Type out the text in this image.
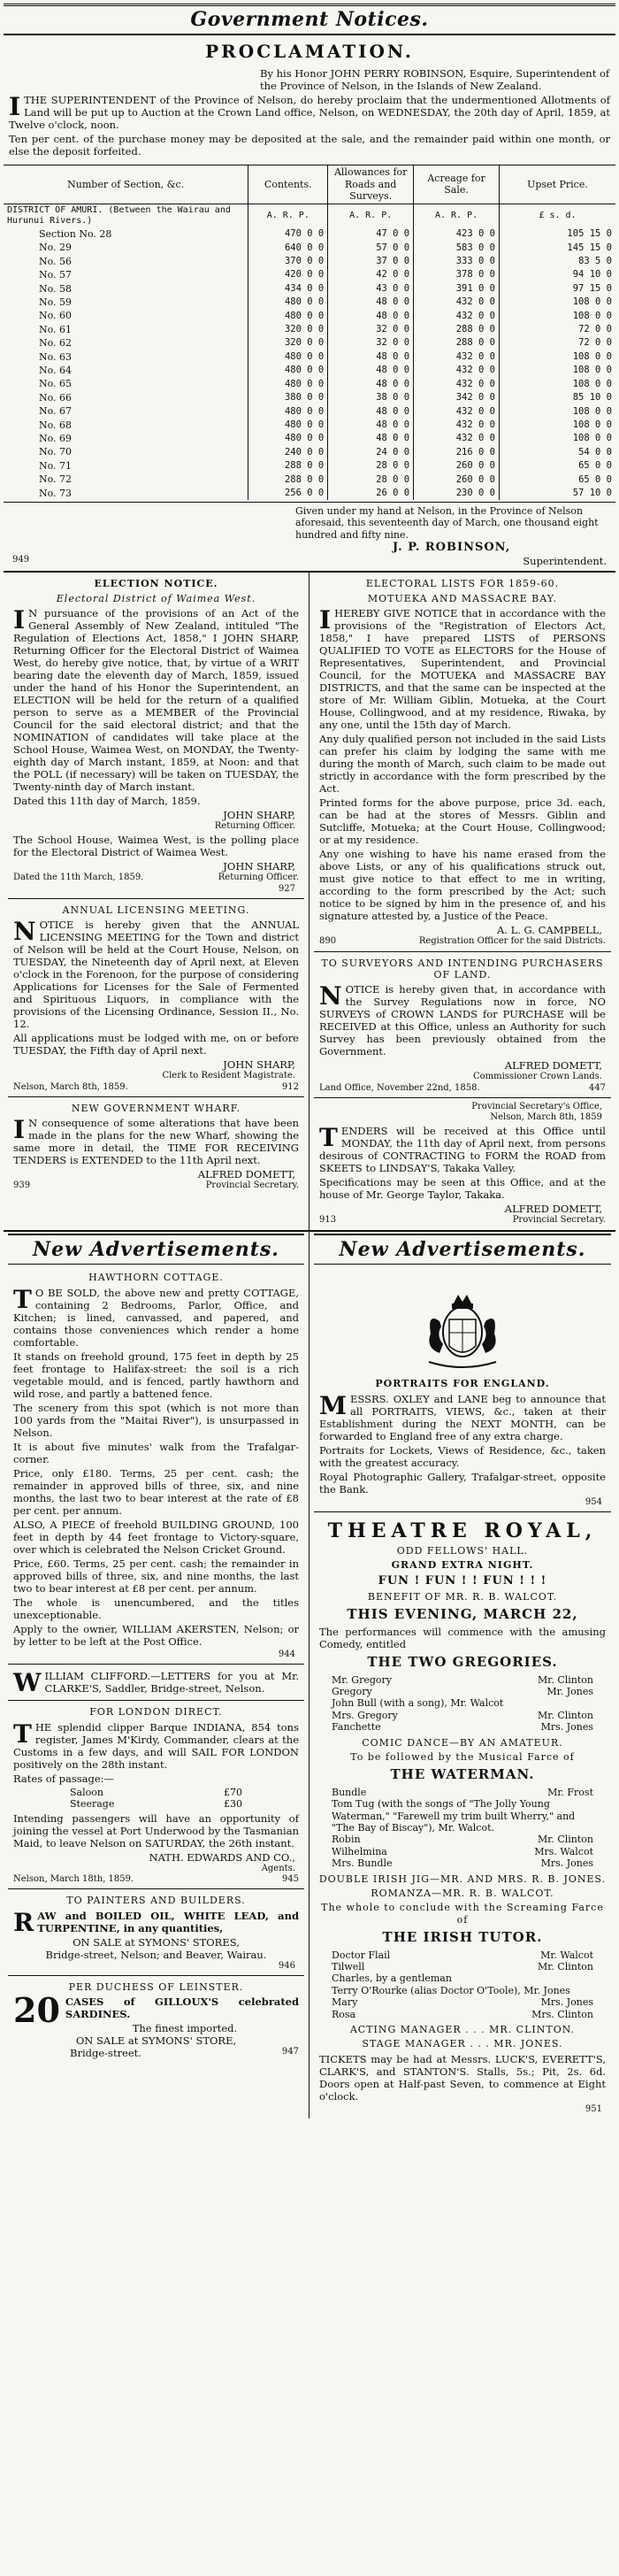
Government Notices.
PROCLAMATION.
By his Honor JOHN PERRY ROBINSON, Esquire, Superintendent of the Province of Nelson, in the Islands of New Zealand.

ITHE SUPERINTENDENT of the Province of Nelson, do hereby proclaim that the undermentioned Allotments of Land will be put up to Auction at the Crown Land office, Nelson, on WEDNESDAY, the 20th day of April, 1859, at Twelve o'clock, noon.

Ten per cent. of the purchase money may be deposited at the sale, and the remainder paid within one month, or else the deposit forfeited.

Number of Section, &c.	Contents.	Allowances for Roads and Surveys.	Acreage for Sale.	Upset Price.
DISTRICT OF AMURI. (Between the Wairau and Hurunui Rivers.)	A. R. P.	A. R. P.	A. R. P.	£ s. d.
Section No. 28	470 0 0	47 0 0	423 0 0	105 15 0
No. 29	640 0 0	57 0 0	583 0 0	145 15 0
No. 56	370 0 0	37 0 0	333 0 0	83 5 0
No. 57	420 0 0	42 0 0	378 0 0	94 10 0
No. 58	434 0 0	43 0 0	391 0 0	97 15 0
No. 59	480 0 0	48 0 0	432 0 0	108 0 0
No. 60	480 0 0	48 0 0	432 0 0	108 0 0
No. 61	320 0 0	32 0 0	288 0 0	72 0 0
No. 62	320 0 0	32 0 0	288 0 0	72 0 0
No. 63	480 0 0	48 0 0	432 0 0	108 0 0
No. 64	480 0 0	48 0 0	432 0 0	108 0 0
No. 65	480 0 0	48 0 0	432 0 0	108 0 0
No. 66	380 0 0	38 0 0	342 0 0	85 10 0
No. 67	480 0 0	48 0 0	432 0 0	108 0 0
No. 68	480 0 0	48 0 0	432 0 0	108 0 0
No. 69	480 0 0	48 0 0	432 0 0	108 0 0
No. 70	240 0 0	24 0 0	216 0 0	54 0 0
No. 71	288 0 0	28 0 0	260 0 0	65 0 0
No. 72	288 0 0	28 0 0	260 0 0	65 0 0
No. 73	256 0 0	26 0 0	230 0 0	57 10 0
Given under my hand at Nelson, in the Province of Nelson aforesaid, this seventeenth day of March, one thousand eight hundred and fifty nine.
J. P. ROBINSON,
949	Superintendent.
ELECTION NOTICE.
Electoral District of Waimea West.

I N pursuance of the provisions of an Act of the General Assembly of New Zealand, intituled "The Regulation of Elections Act, 1858," I JOHN SHARP, Returning Officer for the Electoral District of Waimea West, do hereby give notice, that, by virtue of a WRIT bearing date the eleventh day of March, 1859, issued under the hand of his Honor the Superintendent, an ELECTION will be held for the return of a qualified person to serve as a MEMBER of the Provincial Council for the said electoral district; and that the NOMINATION of candidates will take place at the School House, Waimea West, on MONDAY, the Twenty-eighth day of March instant, 1859, at Noon: and that the POLL (if necessary) will be taken on TUESDAY, the Twenty-ninth day of March instant.

Dated this 11th day of March, 1859.

JOHN SHARP,
Returning Officer.

The School House, Waimea West, is the polling place for the Electoral District of Waimea West.

JOHN SHARP,
Dated the 11th March, 1859.	Returning Officer.
927
ANNUAL LICENSING MEETING.

NOTICE is hereby given that the ANNUAL LICENSING MEETING for the Town and district of Nelson will be held at the Court House, Nelson, on TUESDAY, the Nineteenth day of April next, at Eleven o'clock in the Forenoon, for the purpose of considering Applications for Licenses for the Sale of Fermented and Spirituous Liquors, in compliance with the provisions of the Licensing Ordinance, Session II., No. 12.

All applications must be lodged with me, on or before TUESDAY, the Fifth day of April next.

JOHN SHARP,
Clerk to Resident Magistrate.
Nelson, March 8th, 1859.	912
NEW GOVERNMENT WHARF.

I N consequence of some alterations that have been made in the plans for the new Wharf, showing the same more in detail, the TIME FOR RECEIVING TENDERS is EXTENDED to the 11th April next.

ALFRED DOMETT,
939	Provincial Secretary.
ELECTORAL LISTS FOR 1859-60.
MOTUEKA AND MASSACRE BAY.

IHEREBY GIVE NOTICE that in accordance with the provisions of the "Registration of Electors Act, 1858," I have prepared LISTS of PERSONS QUALIFIED TO VOTE as ELECTORS for the House of Representatives, Superintendent, and Provincial Council, for the MOTUEKA and MASSACRE BAY DISTRICTS, and that the same can be inspected at the store of Mr. William Giblin, Motueka, at the Court House, Collingwood, and at my residence, Riwaka, by any one, until the 15th day of March.

Any duly qualified person not included in the said Lists can prefer his claim by lodging the same with me during the month of March, such claim to be made out strictly in accordance with the form prescribed by the Act.

Printed forms for the above purpose, price 3d. each, can be had at the stores of Messrs. Giblin and Sutcliffe, Motueka; at the Court House, Collingwood; or at my residence.

Any one wishing to have his name erased from the above Lists, or any of his qualifications struck out, must give notice to that effect to me in writing, according to the form prescribed by the Act; such notice to be signed by him in the presence of, and his signature attested by, a Justice of the Peace.

A. L. G. CAMPBELL,
890	Registration Officer for the said Districts.
TO SURVEYORS AND INTENDING PURCHASERS OF LAND.

NOTICE is hereby given that, in accordance with the Survey Regulations now in force, NO SURVEYS of CROWN LANDS for PURCHASE will be RECEIVED at this Office, unless an Authority for such Survey has been previously obtained from the Government.

ALFRED DOMETT,
Commissioner Crown Lands.
Land Office, November 22nd, 1858.	447
Provincial Secretary's Office,
Nelson, March 8th, 1859

TENDERS will be received at this Office until MONDAY, the 11th day of April next, from persons desirous of CONTRACTING to FORM the ROAD from SKEETS to LINDSAY'S, Takaka Valley.

Specifications may be seen at this Office, and at the house of Mr. George Taylor, Takaka.

ALFRED DOMETT,
913	Provincial Secretary.
New Advertisements.
HAWTHORN COTTAGE.

T O BE SOLD, the above new and pretty COTTAGE, containing 2 Bedrooms, Parlor, Office, and Kitchen; is lined, canvassed, and papered, and contains those conveniences which render a home comfortable.

It stands on freehold ground, 175 feet in depth by 25 feet frontage to Halifax-street: the soil is a rich vegetable mould, and is fenced, partly hawthorn and wild rose, and partly a battened fence.

The scenery from this spot (which is not more than 100 yards from the "Maitai River"), is unsurpassed in Nelson.

It is about five minutes' walk from the Trafalgar-corner.

Price, only £180. Terms, 25 per cent. cash; the remainder in approved bills of three, six, and nine months, the last two to bear interest at the rate of £8 per cent. per annum.

ALSO, A PIECE of freehold BUILDING GROUND, 100 feet in depth by 44 feet frontage to Victory-square, over which is celebrated the Nelson Cricket Ground.

Price, £60. Terms, 25 per cent. cash; the remainder in approved bills of three, six, and nine months, the last two to bear interest at £8 per cent. per annum.

The whole is unencumbered, and the titles unexceptionable.

Apply to the owner, WILLIAM AKERSTEN, Nelson; or by letter to be left at the Post Office.

944

WILLIAM CLIFFORD.—LETTERS for you at Mr. CLARKE'S, Saddler, Bridge-street, Nelson.

FOR LONDON DIRECT.

THE splendid clipper Barque INDIANA, 854 tons register, James M'Kirdy, Commander, clears at the Customs in a few days, and will SAIL FOR LONDON positively on the 28th instant.

Rates of passage:—

Saloon	£70
Steerage	£30

Intending passengers will have an opportunity of joining the vessel at Port Underwood by the Tasmanian Maid, to leave Nelson on SATURDAY, the 26th instant.

NATH. EDWARDS AND CO.,
Agents.
Nelson, March 18th, 1859.	945
TO PAINTERS AND BUILDERS.

RAW and BOILED OIL, WHITE LEAD, and TURPENTINE, in any quantities,

ON SALE at SYMONS' STORES,
Bridge-street, Nelson; and Beaver, Wairau.
946
PER DUCHESS OF LEINSTER.

20 CASES of GILLOUX'S celebrated SARDINES.

The finest imported.
ON SALE at SYMONS' STORE,
Bridge-street.	947
New Advertisements.
PORTRAITS FOR ENGLAND.

MESSRS. OXLEY and LANE beg to announce that all PORTRAITS, VIEWS, &c., taken at their Establishment during the NEXT MONTH, can be forwarded to England free of any extra charge.

Portraits for Lockets, Views of Residence, &c., taken with the greatest accuracy.

Royal Photographic Gallery, Trafalgar-street, opposite the Bank.

954
THEATRE ROYAL,
ODD FELLOWS' HALL.
GRAND EXTRA NIGHT.
FUN ! FUN ! ! FUN ! ! !
BENEFIT OF MR. R. B. WALCOT.
THIS EVENING, MARCH 22,

The performances will commence with the amusing Comedy, entitled

THE TWO GREGORIES.
Mr. Gregory	Mr. Clinton
Gregory	Mr. Jones
John Bull (with a song), Mr. Walcot
Mrs. Gregory	Mr. Clinton
Fanchette	Mrs. Jones
COMIC DANCE—BY AN AMATEUR.
To be followed by the Musical Farce of
THE WATERMAN.
Bundle	Mr. Frost
Tom Tug (with the songs of "The Jolly Young Waterman," "Farewell my trim built Wherry," and "The Bay of Biscay"), Mr. Walcot.
Robin	Mr. Clinton
Wilhelmina	Mrs. Walcot
Mrs. Bundle	Mrs. Jones
DOUBLE IRISH JIG—MR. AND MRS. R. B. JONES.
ROMANZA—MR. R. B. WALCOT.
The whole to conclude with the Screaming Farce of
THE IRISH TUTOR.
Doctor Flail	Mr. Walcot
Tilwell	Mr. Clinton
Charles, by a gentleman
Terry O'Rourke (alias Doctor O'Toole), Mr. Jones
Mary	Mrs. Jones
Rosa	Mrs. Clinton
ACTING MANAGER . . . MR. CLINTON.
STAGE MANAGER . . . MR. JONES.

TICKETS may be had at Messrs. LUCK'S, EVERETT'S, CLARK'S, and STANTON'S. Stalls, 5s.; Pit, 2s. 6d. Doors open at Half-past Seven, to commence at Eight o'clock.

951
